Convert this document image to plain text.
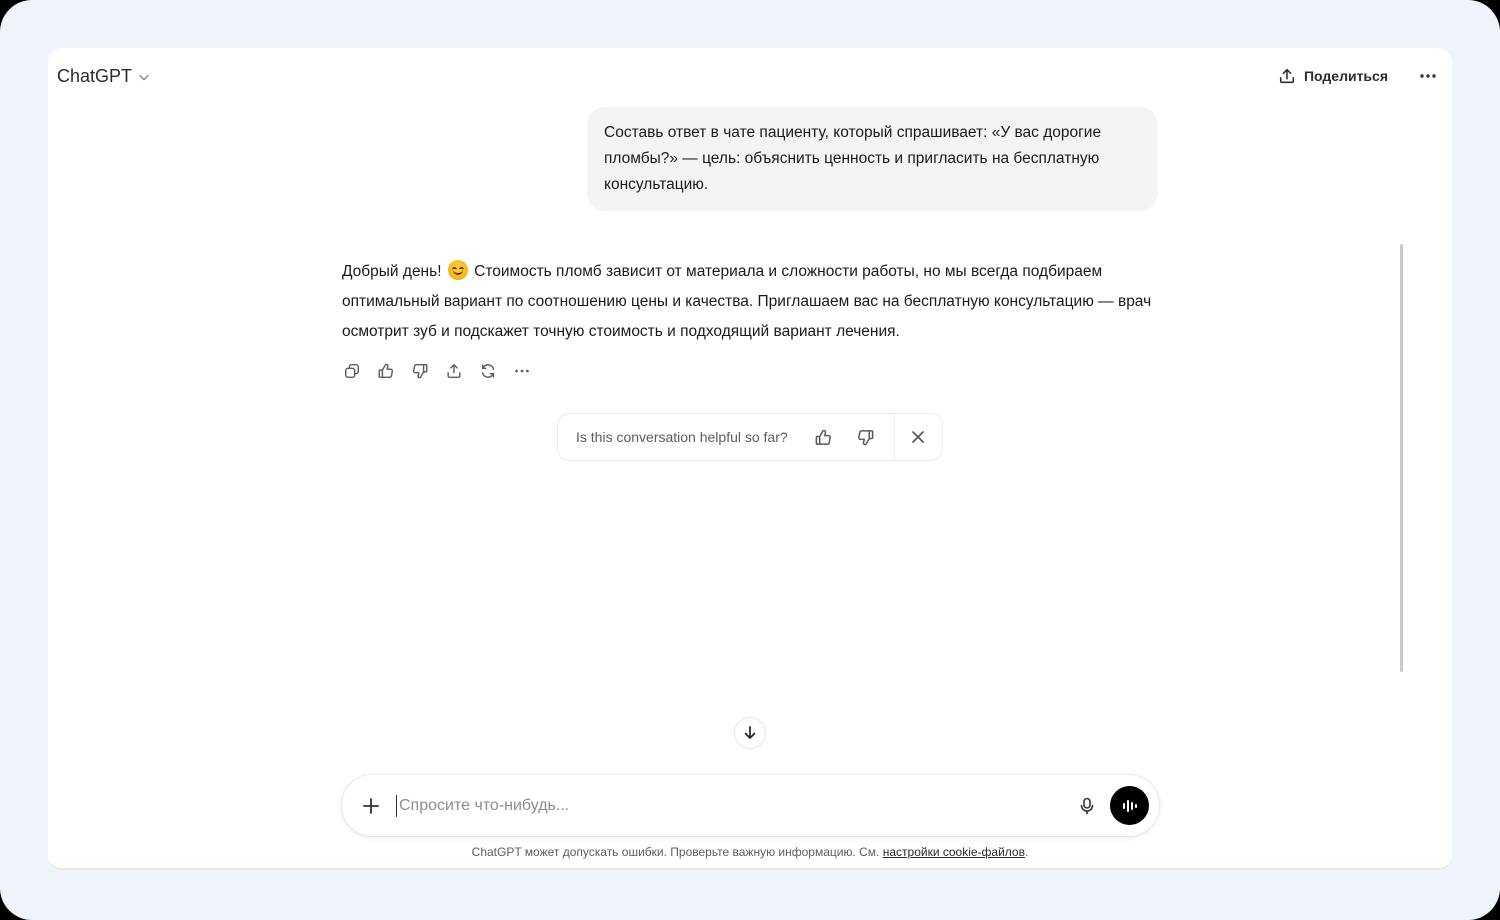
ChatGPT	Поделиться
Составь ответ в чате пациенту, который спрашивает: «У вас дорогие пломбы?» — цель: объяснить ценность и пригласить на бесплатную консультацию.
Добрый день! Стоимость пломб зависит от материала и сложности работы, но мы всегда подбираем оптимальный вариант по соотношению цены и качества. Приглашаем вас на бесплатную консультацию — врач осмотрит зуб и подскажет точную стоимость и подходящий вариант лечения.
Is this conversation helpful so far?
Спросите что-нибудь...
ChatGPT может допускать ошибки. Проверьте важную информацию. См. настройки cookie-файлов.
